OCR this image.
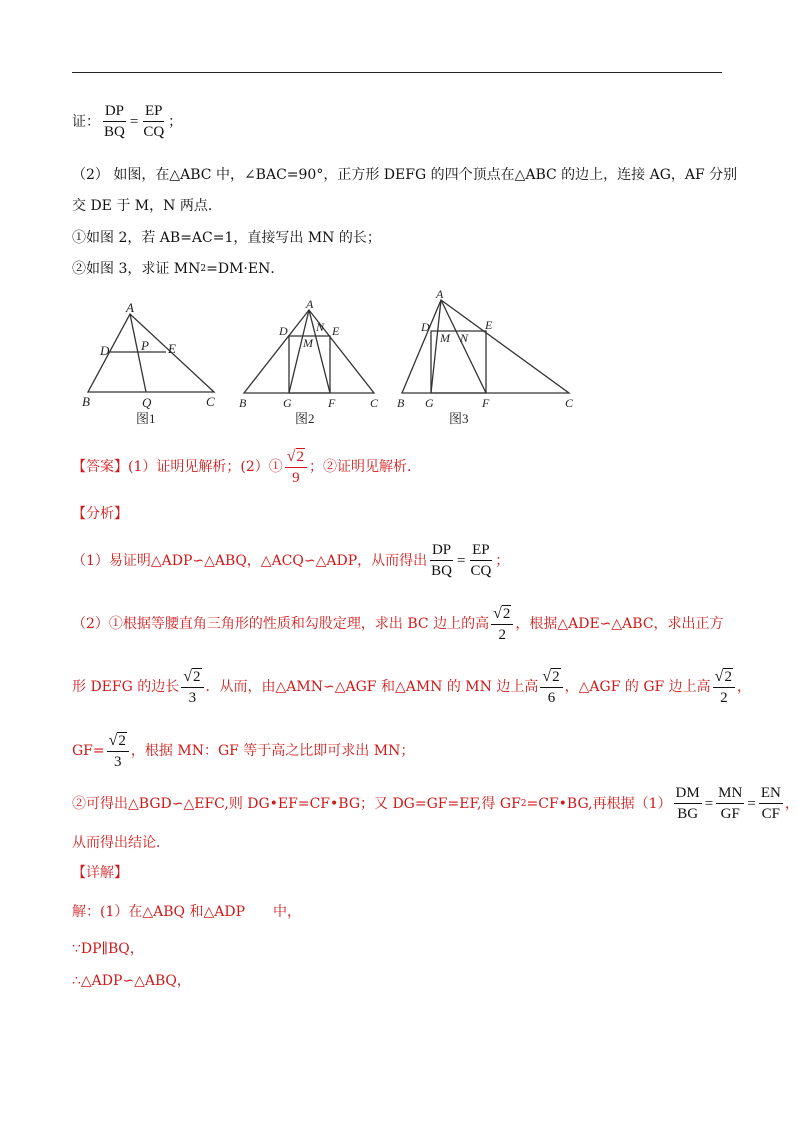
证： $\frac{DP}{BQ} = \frac{EP}{CQ}$ ；
（2） 如图，在△ABC 中，∠BAC=90°，正方形 DEFG 的四个顶点在△ABC 的边上，连接 AG，AF 分别
交 DE 于 M，N 两点．
①如图 2，若 AB=AC=1，直接写出 MN 的长；
②如图 3，求证 MN 2 =DM·EN．
A
D P E
B	Q	C
图1
A
D N E
M
B	G	F	C
图2
A
D
M N
E
B G	F	C
图3
【答案】(1）证明见解析；(2）① $\frac{√ 2}{9}$ ；②证明见解析．
【分析】
（1）易证明△ADP∽△ABQ，△ACQ∽△ADP，从而得出 $\frac{DP}{BQ} = \frac{EP}{CQ}$ ；
（2）①根据等腰直角三角形的性质和勾股定理，求出 BC 边上的高 $\frac{√ 2}{2}$ ，根据△ADE∽△ABC，求出正方
形 DEFG 的边长 $\frac{√ 2}{3}$ ．从而，由△AMN∽△AGF 和△AMN 的 MN 边上高 $\frac{√ 2}{6}$ ，△AGF 的 GF 边上高 $\frac{√ 2}{2}$ ，
$GF= \frac{√ 2}{3}$ ，根据 MN：GF 等于高之比即可求出 MN；
②可得出△BGD∽△EFC,则 DG•EF=CF•BG；又 DG=GF=EF,得 GF 2 =CF•BG,再根据$(1) \frac{DM}{BG} = \frac{MN}{GF} = \frac{EN}{CF}$ ，
从而得出结论．
【详解】
解：(1）在△ABQ 和△ADP　　中，
∵DP∥BQ，
∴△ADP∽△ABQ，
